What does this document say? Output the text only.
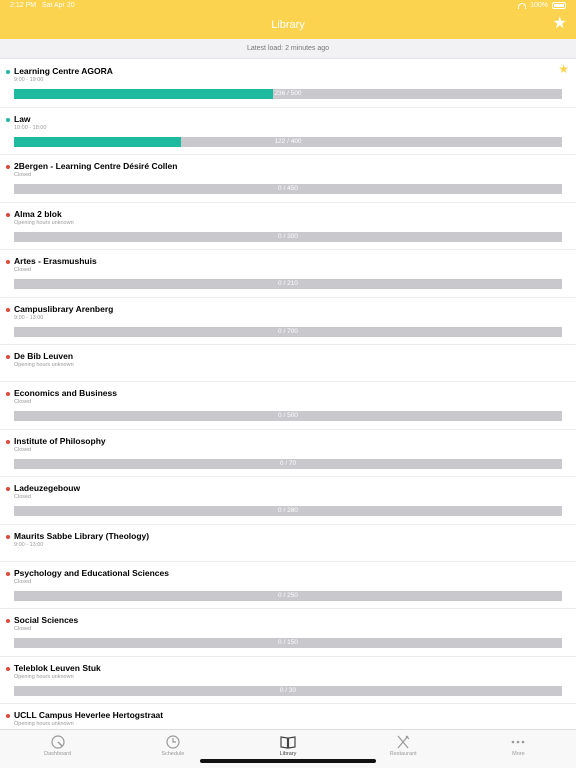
2:12 PM Sat Apr 20	100%
Library	★
Latest load: 2 minutes ago
Learning Centre AGORA
9:00 - 19:00
★
236 / 500
Law
10:00 - 18:00
122 / 400
2Bergen - Learning Centre Désiré Collen
Closed
0 / 450
Alma 2 blok
Opening hours unknown
0 / 300
Artes - Erasmushuis
Closed
0 / 210
Campuslibrary Arenberg
9:00 - 13:00
0 / 700
De Bib Leuven
Opening hours unknown
Economics and Business
Closed
0 / 500
Institute of Philosophy
Closed
0 / 70
Ladeuzegebouw
Closed
0 / 280
Maurits Sabbe Library (Theology)
9:00 - 13:00
Psychology and Educational Sciences
Closed
0 / 250
Social Sciences
Closed
0 / 150
Teleblok Leuven Stuk
Opening hours unknown
0 / 30
UCLL Campus Heverlee Hertogstraat
Opening hours unknown
Dashboard	Schedule	Library	Restaurant	More
